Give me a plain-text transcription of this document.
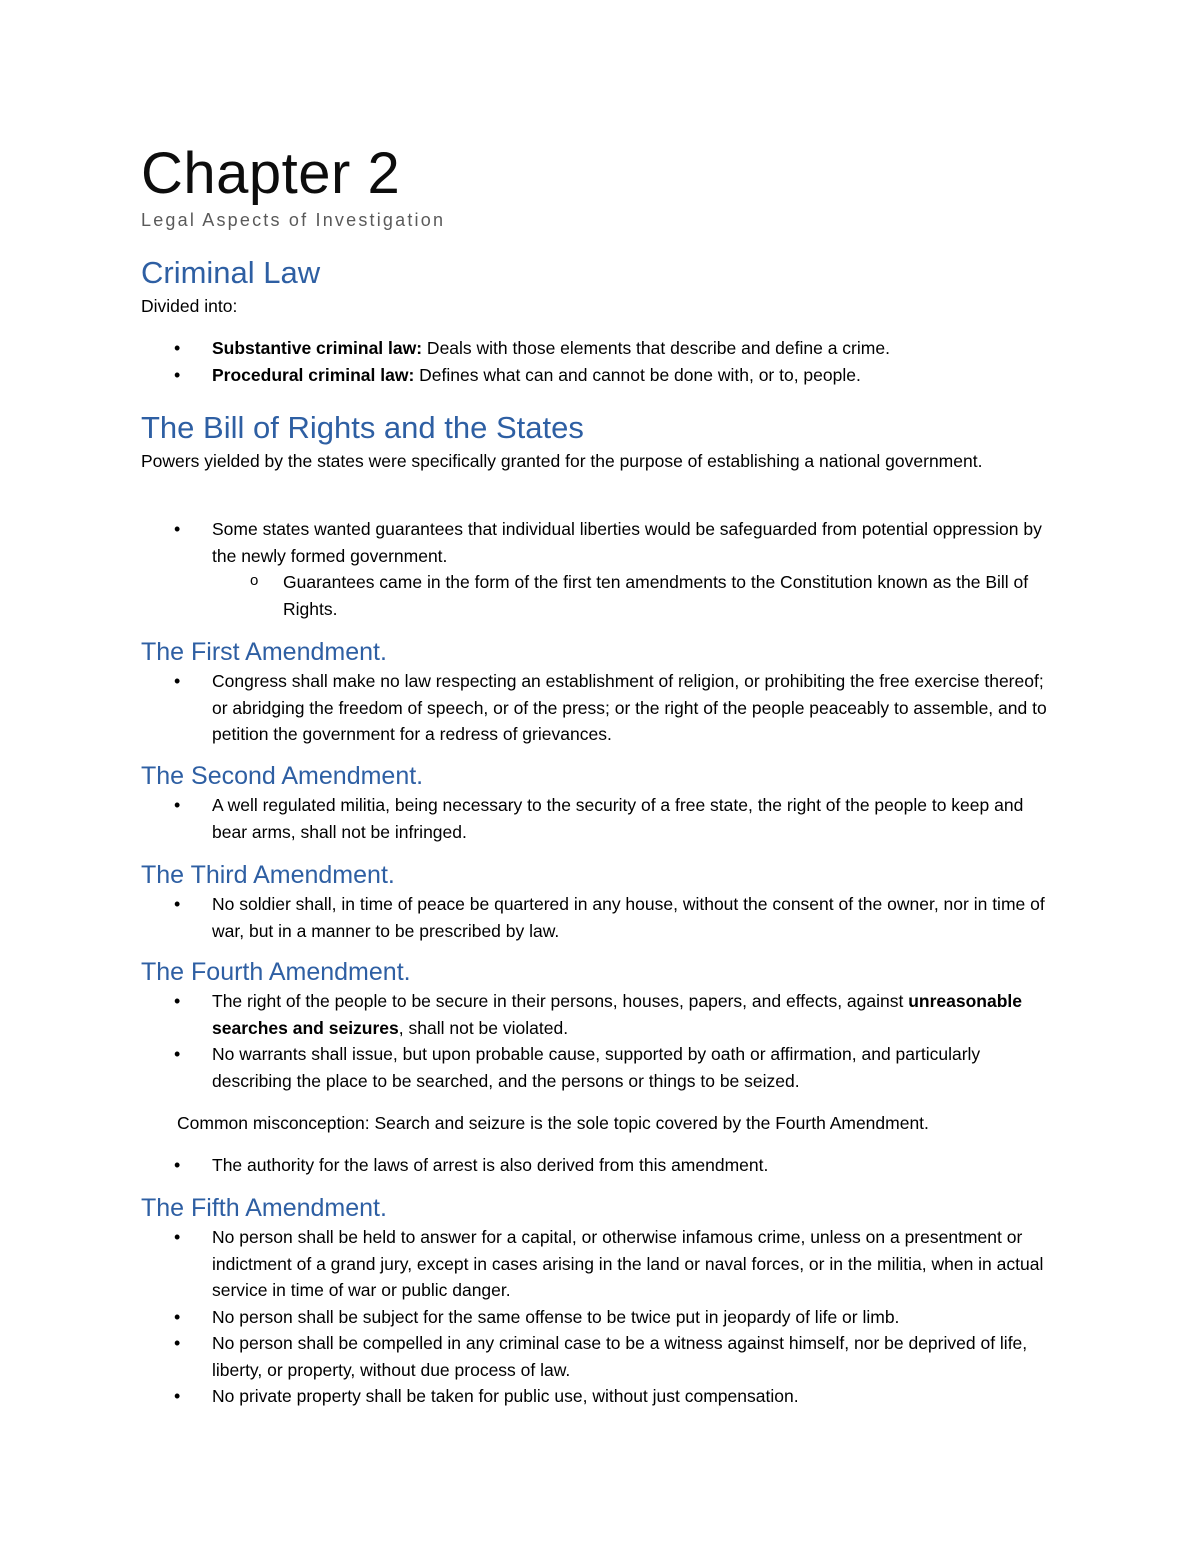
Chapter 2
Legal Aspects of Investigation
Criminal Law

Divided into:

• Substantive criminal law: Deals with those elements that describe and define a crime.
• Procedural criminal law: Defines what can and cannot be done with, or to, people.
The Bill of Rights and the States

Powers yielded by the states were specifically granted for the purpose of establishing a national government.

• Some states wanted guarantees that individual liberties would be safeguarded from potential oppression by the newly formed government.
o Guarantees came in the form of the first ten amendments to the Constitution known as the Bill of Rights.
The First Amendment.
• Congress shall make no law respecting an establishment of religion, or prohibiting the free exercise thereof; or abridging the freedom of speech, or of the press; or the right of the people peaceably to assemble, and to petition the government for a redress of grievances.
The Second Amendment.
• A well regulated militia, being necessary to the security of a free state, the right of the people to keep and bear arms, shall not be infringed.
The Third Amendment.
• No soldier shall, in time of peace be quartered in any house, without the consent of the owner, nor in time of war, but in a manner to be prescribed by law.
The Fourth Amendment.
• The right of the people to be secure in their persons, houses, papers, and effects, against unreasonable searches and seizures, shall not be violated.
• No warrants shall issue, but upon probable cause, supported by oath or affirmation, and particularly describing the place to be searched, and the persons or things to be seized.

Common misconception: Search and seizure is the sole topic covered by the Fourth Amendment.

• The authority for the laws of arrest is also derived from this amendment.
The Fifth Amendment.
• No person shall be held to answer for a capital, or otherwise infamous crime, unless on a presentment or indictment of a grand jury, except in cases arising in the land or naval forces, or in the militia, when in actual service in time of war or public danger.
• No person shall be subject for the same offense to be twice put in jeopardy of life or limb.
• No person shall be compelled in any criminal case to be a witness against himself, nor be deprived of life, liberty, or property, without due process of law.
• No private property shall be taken for public use, without just compensation.
